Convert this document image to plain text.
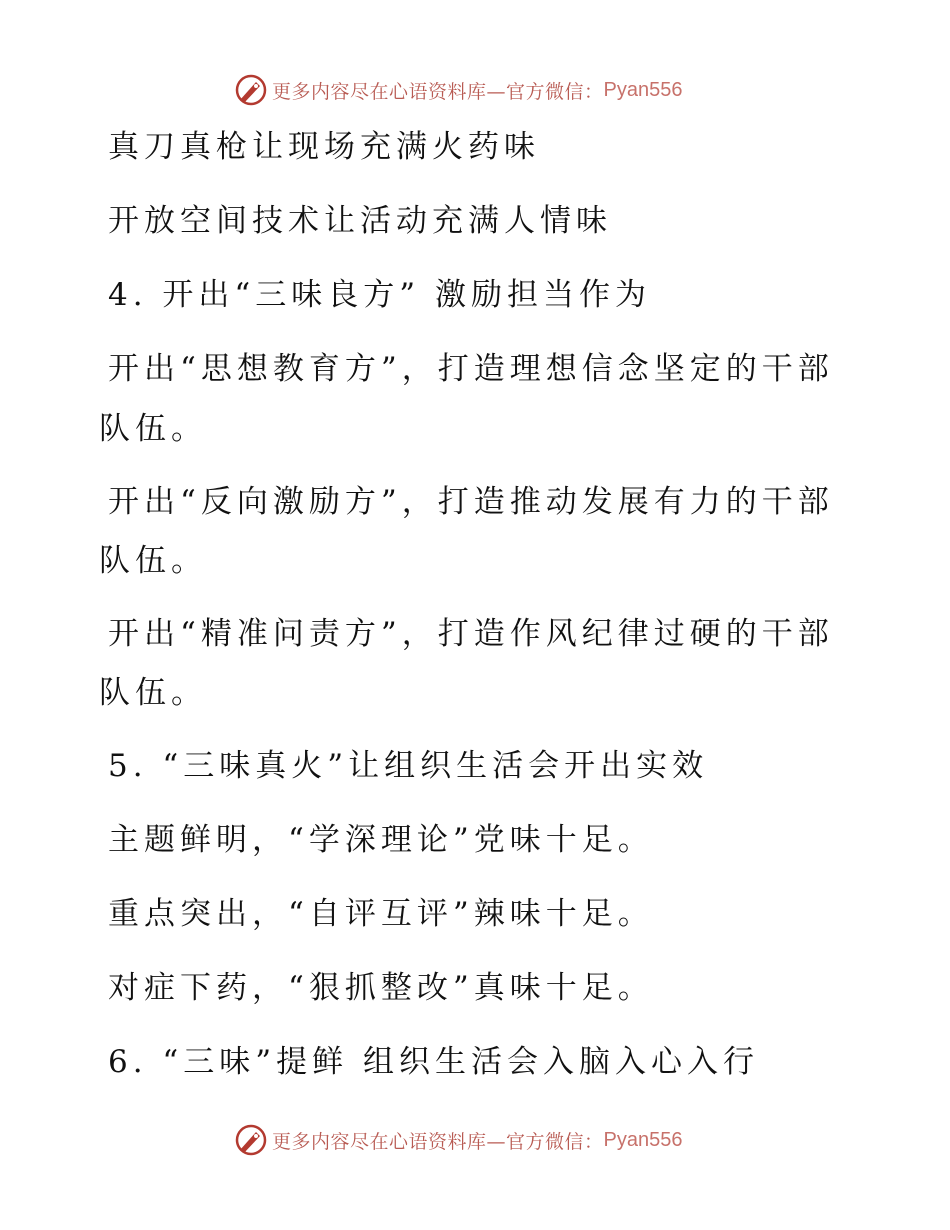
更多内容尽在心语资料库—官方微信： Pyan556
真刀真枪让现场充满火药味
开放空间技术让活动充满人情味
4. 开出“三味良方” 激励担当作为
开出“思想教育方”，打造理想信念坚定的干部
队伍。
开出“反向激励方”，打造推动发展有力的干部
队伍。
开出“精准问责方”，打造作风纪律过硬的干部
队伍。
5. “三味真火”让组织生活会开出实效
主题鲜明，“学深理论”党味十足。
重点突出，“自评互评”辣味十足。
对症下药，“狠抓整改”真味十足。
6. “三味”提鲜 组织生活会入脑入心入行
更多内容尽在心语资料库—官方微信： Pyan556
